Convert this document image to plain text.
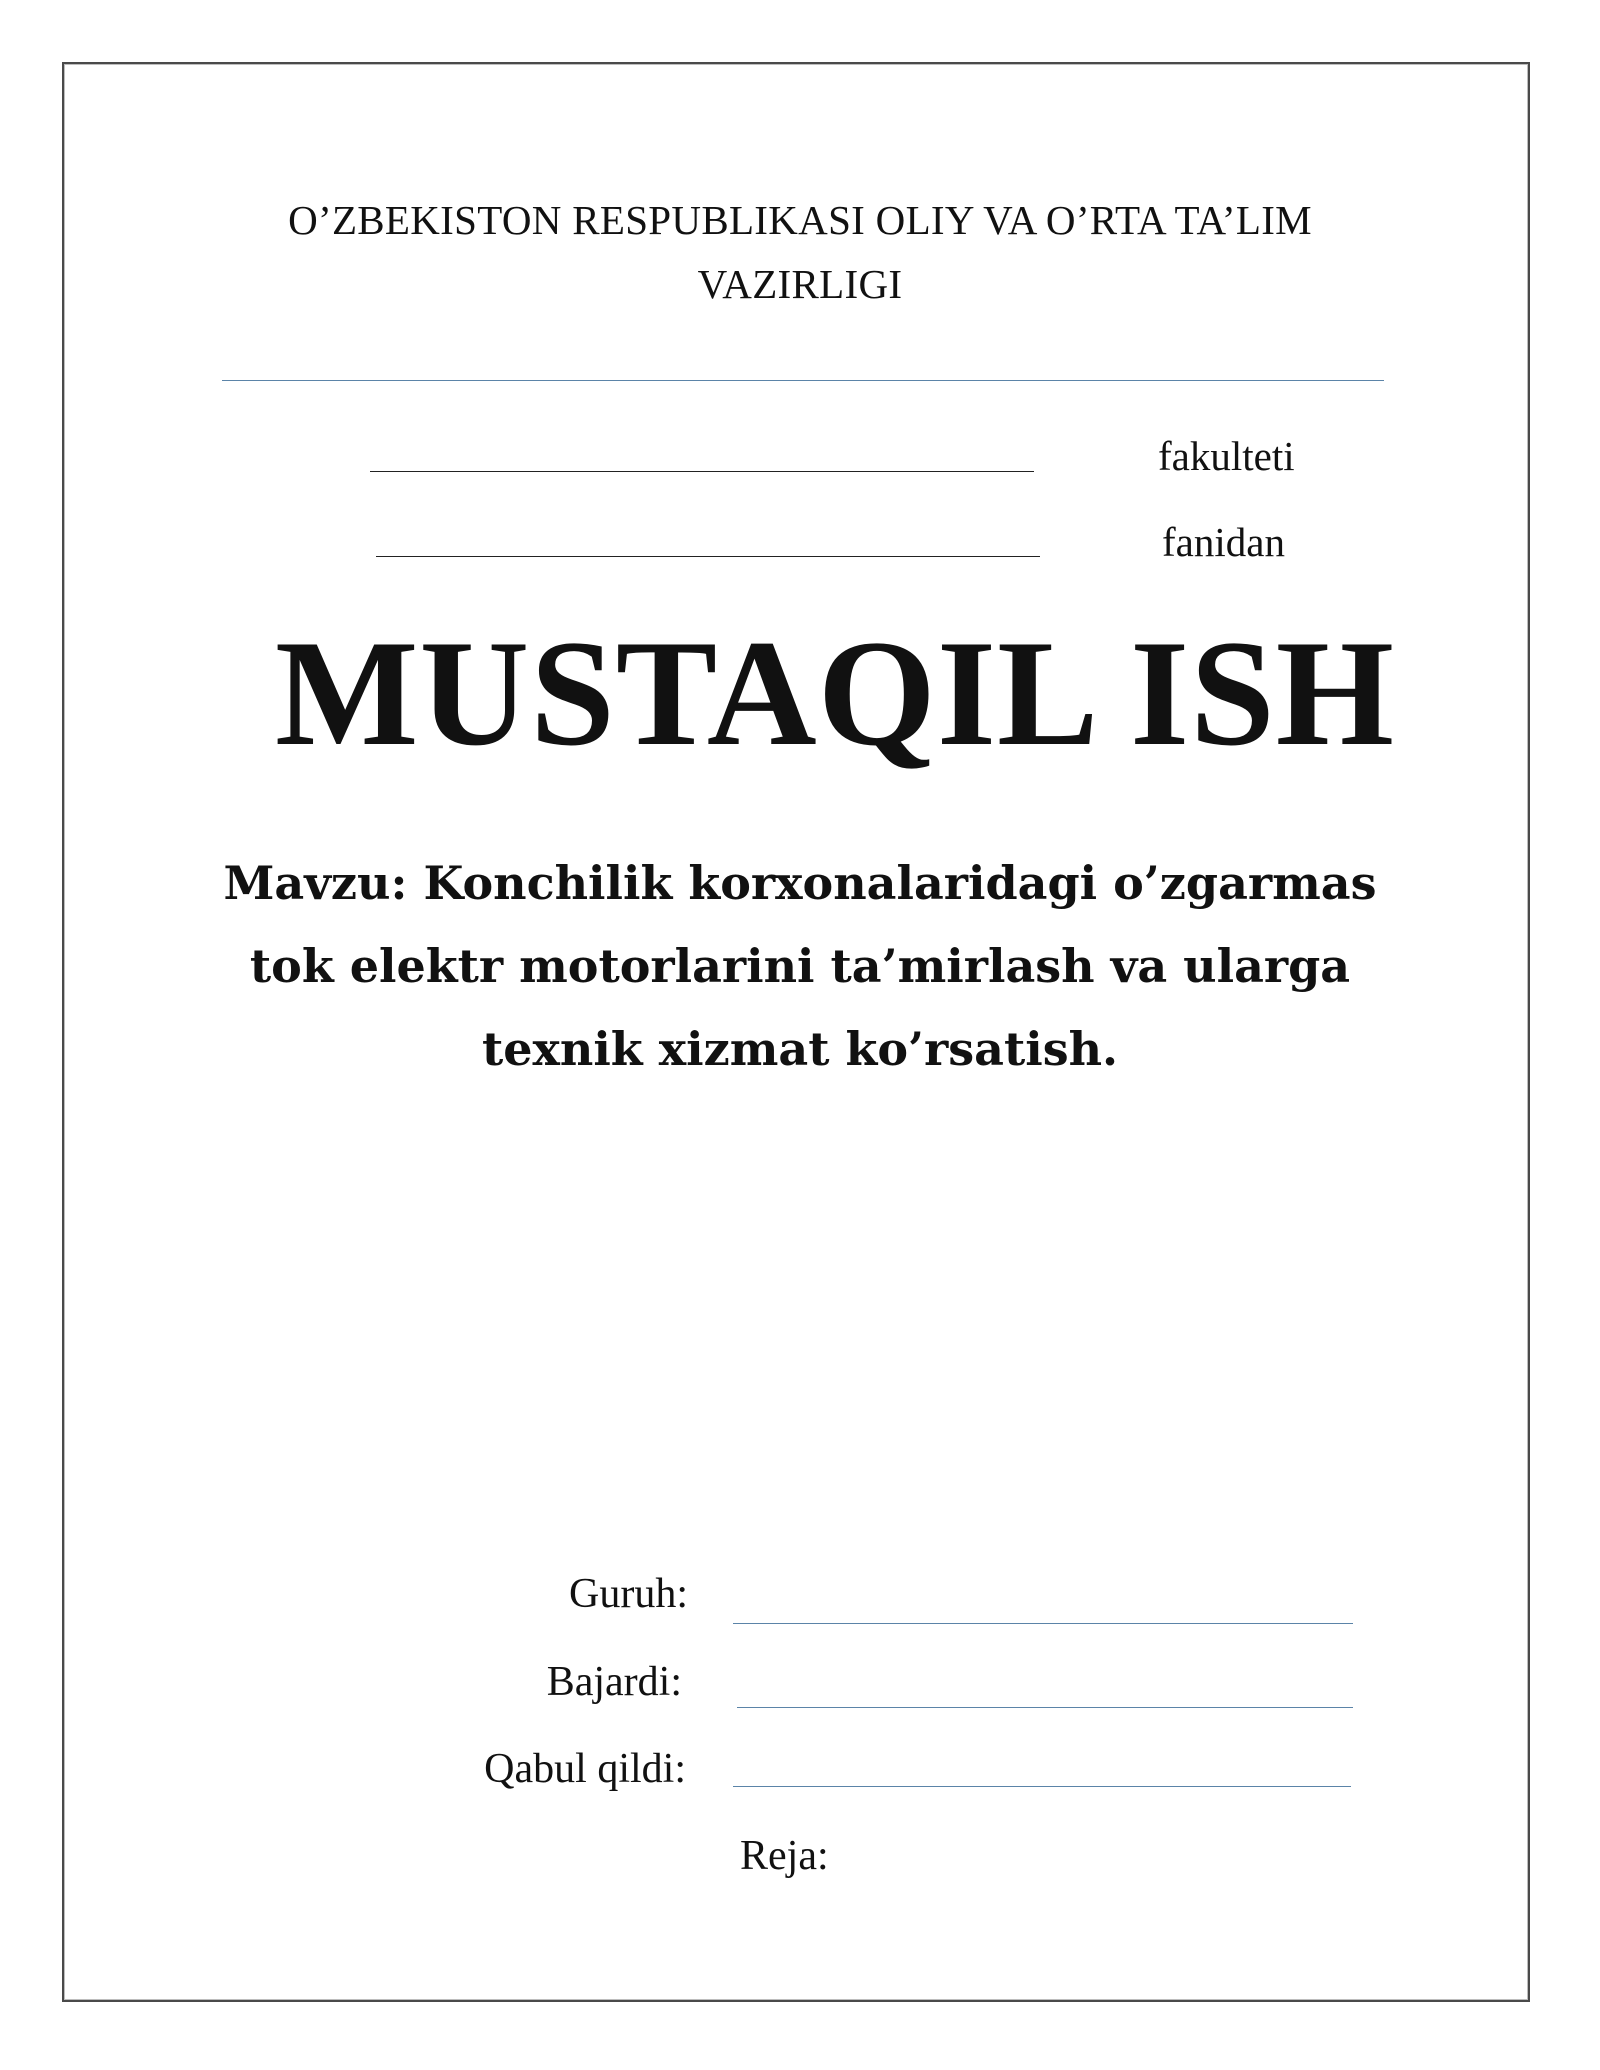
O’ZBEKISTON RESPUBLIKASI OLIY VA O’RTA TA’LIM
VAZIRLIGI
fakulteti
fanidan
MUSTAQIL ISH
Mavzu: Konchilik korxonalaridagi o’zgarmas
tok elektr motorlarini ta’mirlash va ularga
texnik xizmat ko’rsatish.
Guruh:
Bajardi:
Qabul qildi:
Reja:
